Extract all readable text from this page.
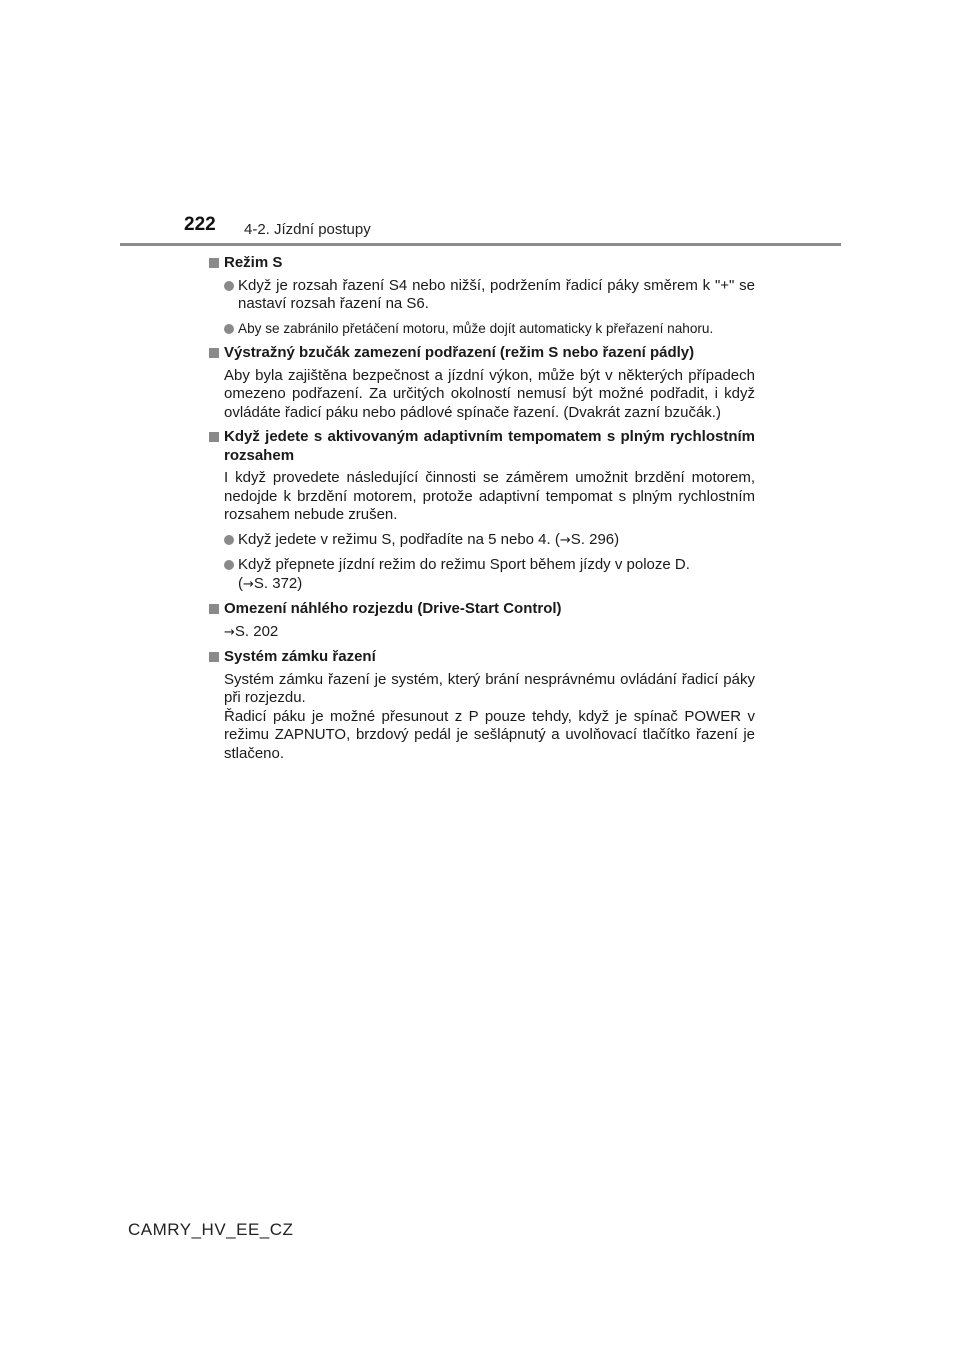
222 4-2. Jízdní postupy
Režim S
Když je rozsah řazení S4 nebo nižší, podržením řadicí páky směrem k "+" se nastaví rozsah řazení na S6.
Aby se zabránilo přetáčení motoru, může dojít automaticky k přeřazení nahoru.
Výstražný bzučák zamezení podřazení (režim S nebo řazení pádly)
Aby byla zajištěna bezpečnost a jízdní výkon, může být v některých případech omezeno podřazení. Za určitých okolností nemusí být možné podřadit, i když ovládáte řadicí páku nebo pádlové spínače řazení. (Dvakrát zazní bzučák.)
Když jedete s aktivovaným adaptivním tempomatem s plným rychlostním rozsahem
I když provedete následující činnosti se záměrem umožnit brzdění motorem, nedojde k brzdění motorem, protože adaptivní tempomat s plným rychlostním rozsahem nebude zrušen.
Když jedete v režimu S, podřadíte na 5 nebo 4. (→S. 296)
Když přepnete jízdní režim do režimu Sport během jízdy v poloze D.
(→S. 372)
Omezení náhlého rozjezdu (Drive-Start Control)
→S. 202
Systém zámku řazení
Systém zámku řazení je systém, který brání nesprávnému ovládání řadicí páky při rozjezdu.
Řadicí páku je možné přesunout z P pouze tehdy, když je spínač POWER v režimu ZAPNUTO, brzdový pedál je sešlápnutý a uvolňovací tlačítko řazení je stlačeno.
CAMRY_HV_EE_CZ
